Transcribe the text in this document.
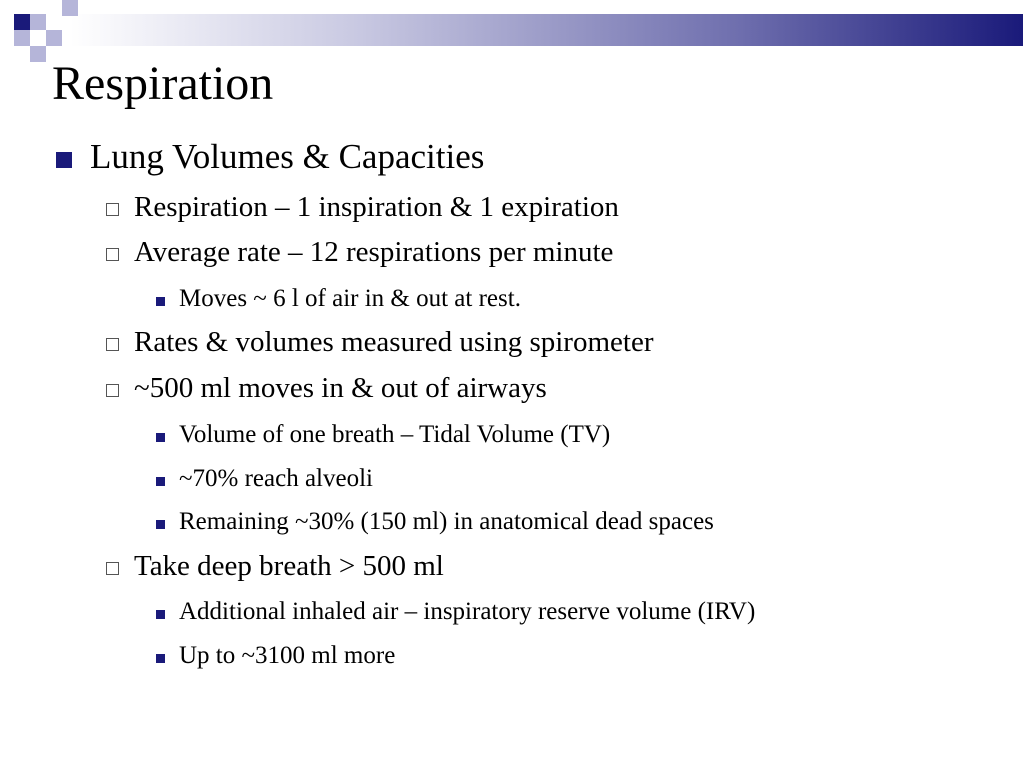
Respiration
Lung Volumes & Capacities
Respiration – 1 inspiration & 1 expiration
Average rate – 12 respirations per minute
Moves ~ 6 l of air in & out at rest.
Rates & volumes measured using spirometer
~500 ml moves in & out of airways
Volume of one breath – Tidal Volume (TV)
~70% reach alveoli
Remaining ~30% (150 ml) in anatomical dead spaces
Take deep breath > 500 ml
Additional inhaled air – inspiratory reserve volume (IRV)
Up to ~3100 ml more
